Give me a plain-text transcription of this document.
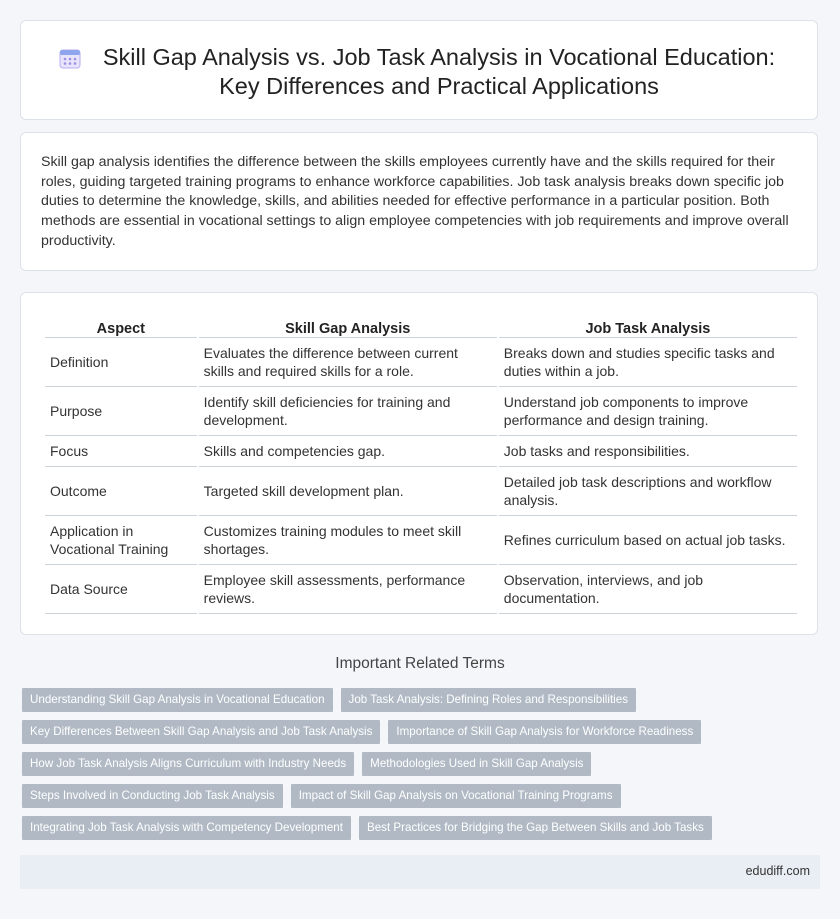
Skill Gap Analysis vs. Job Task Analysis in Vocational Education: Key Differences and Practical Applications

Skill gap analysis identifies the difference between the skills employees currently have and the skills required for their roles, guiding targeted training programs to enhance workforce capabilities. Job task analysis breaks down specific job duties to determine the knowledge, skills, and abilities needed for effective performance in a particular position. Both methods are essential in vocational settings to align employee competencies with job requirements and improve overall productivity.

Aspect	Skill Gap Analysis	Job Task Analysis
Definition	Evaluates the difference between current skills and required skills for a role.	Breaks down and studies specific tasks and duties within a job.
Purpose	Identify skill deficiencies for training and development.	Understand job components to improve performance and design training.
Focus	Skills and competencies gap.	Job tasks and responsibilities.
Outcome	Targeted skill development plan.	Detailed job task descriptions and workflow analysis.
Application in Vocational Training	Customizes training modules to meet skill shortages.	Refines curriculum based on actual job tasks.
Data Source	Employee skill assessments, performance reviews.	Observation, interviews, and job documentation.
Important Related Terms
Understanding Skill Gap Analysis in Vocational Education	Job Task Analysis: Defining Roles and Responsibilities
Key Differences Between Skill Gap Analysis and Job Task Analysis	Importance of Skill Gap Analysis for Workforce Readiness
How Job Task Analysis Aligns Curriculum with Industry Needs	Methodologies Used in Skill Gap Analysis
Steps Involved in Conducting Job Task Analysis	Impact of Skill Gap Analysis on Vocational Training Programs
Integrating Job Task Analysis with Competency Development	Best Practices for Bridging the Gap Between Skills and Job Tasks
edudiff.com
